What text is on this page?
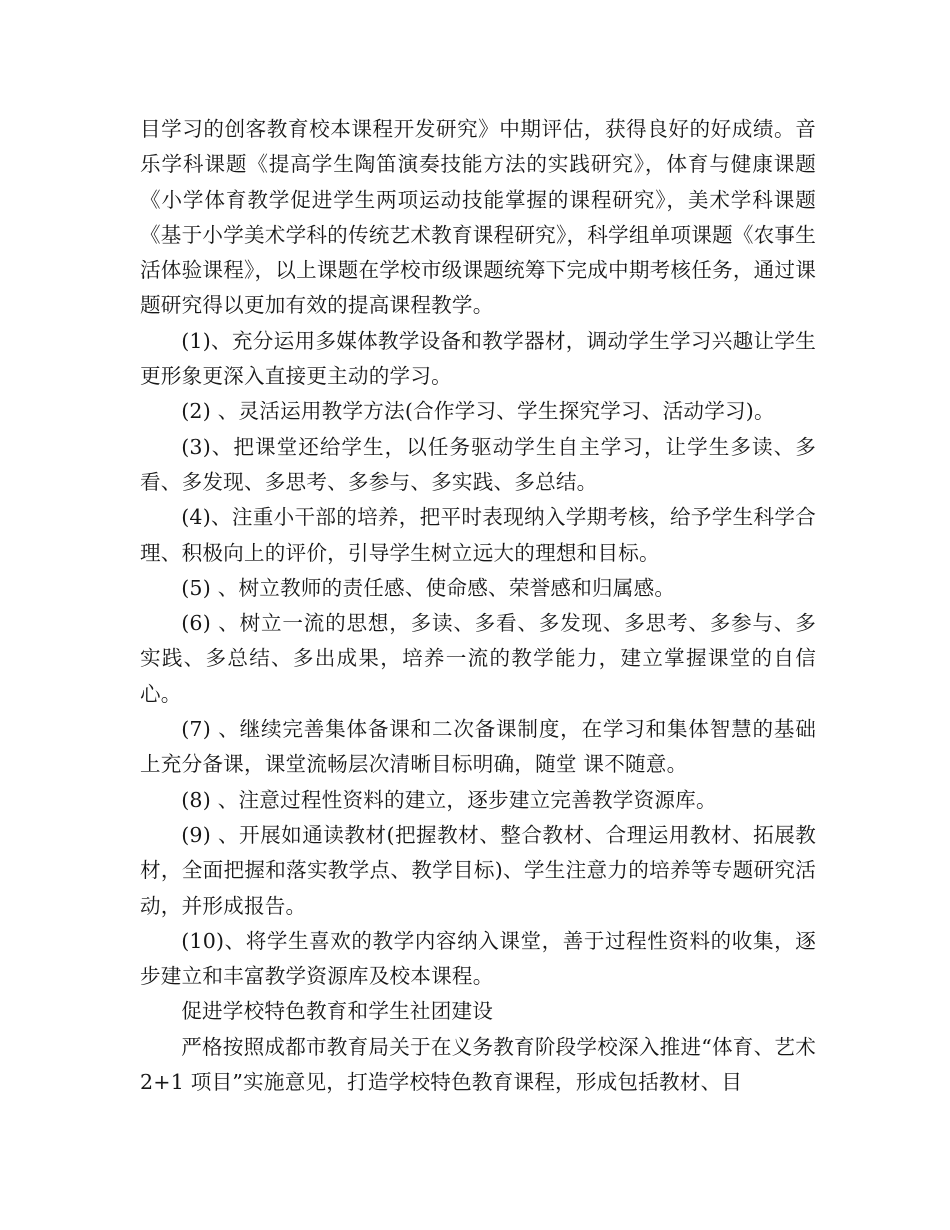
目学习的创客教育校本课程开发研究》中期评估，获得良好的好成绩。音乐学科课题《提高学生陶笛演奏技能方法的实践研究》，体育与健康课题《小学体育教学促进学生两项运动技能掌握的课程研究》，美术学科课题《基于小学美术学科的传统艺术教育课程研究》，科学组单项课题《农事生活体验课程》，以上课题在学校市级课题统筹下完成中期考核任务，通过课题研究得以更加有效的提高课程教学。

(1)、充分运用多媒体教学设备和教学器材，调动学生学习兴趣让学生更形象更深入直接更主动的学习。

(2) 、灵活运用教学方法(合作学习、学生探究学习、活动学习)。

(3)、把课堂还给学生，以任务驱动学生自主学习，让学生多读、多看、多发现、多思考、多参与、多实践、多总结。

(4)、注重小干部的培养，把平时表现纳入学期考核，给予学生科学合理、积极向上的评价，引导学生树立远大的理想和目标。

(5) 、树立教师的责任感、使命感、荣誉感和归属感。

(6) 、树立一流的思想，多读、多看、多发现、多思考、多参与、多实践、多总结、多出成果，培养一流的教学能力，建立掌握课堂的自信心。

(7) 、继续完善集体备课和二次备课制度，在学习和集体智慧的基础上充分备课，课堂流畅层次清晰目标明确，随堂 课不随意。

(8) 、注意过程性资料的建立，逐步建立完善教学资源库。

(9) 、开展如通读教材(把握教材、整合教材、合理运用教材、拓展教材，全面把握和落实教学点、教学目标)、学生注意力的培养等专题研究活动，并形成报告。

(10)、将学生喜欢的教学内容纳入课堂，善于过程性资料的收集，逐步建立和丰富教学资源库及校本课程。

促进学校特色教育和学生社团建设

严格按照成都市教育局关于在义务教育阶段学校深入推进“体育、艺术 2+1 项目”实施意见，打造学校特色教育课程，形成包括教材、目
